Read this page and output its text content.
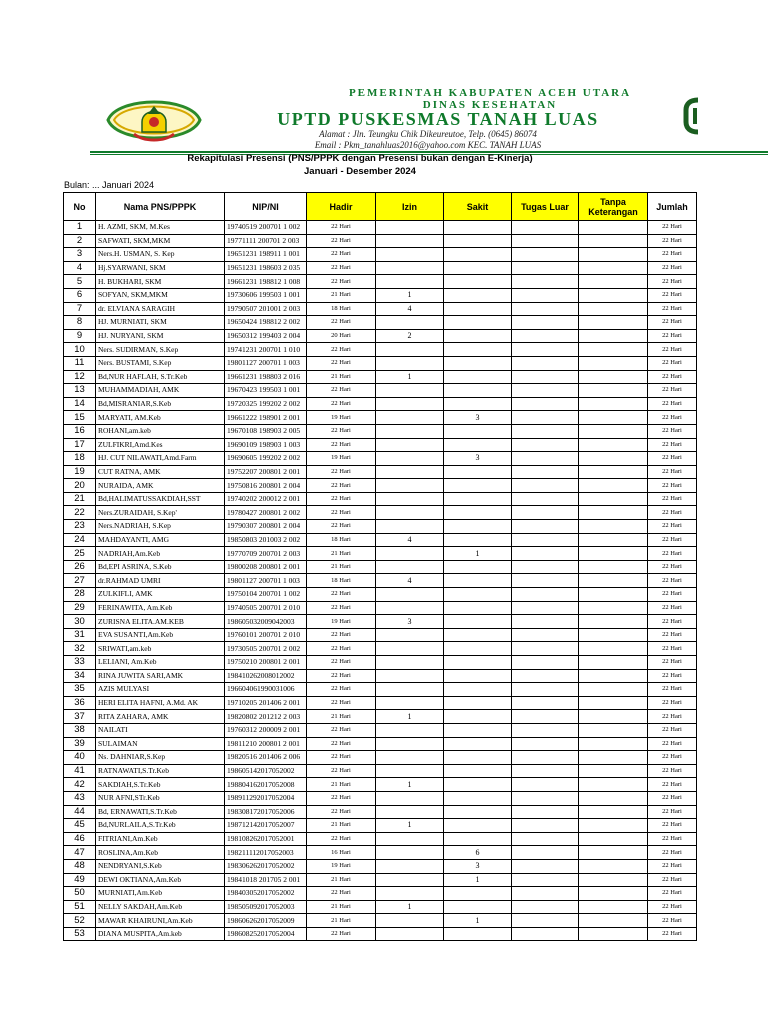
PEMERINTAH KABUPATEN ACEH UTARA
DINAS KESEHATAN
UPTD PUSKESMAS TANAH LUAS
Alamat : Jln. Teungku Chik Dikeureutoe, Telp. (0645) 86074
Email : Pkm_tanahluas2016@yahoo.com KEC. TANAH LUAS
Rekapitulasi Presensi (PNS/PPPK dengan Presensi bukan dengan E-Kinerja)
Januari - Desember 2024
Bulan: ... Januari 2024
No	Nama PNS/PPPK	NIP/NI	Hadir	Izin	Sakit	Tugas Luar	Tanpa Keterangan	Jumlah
1	H. AZMI, SKM, M.Kes	19740519 200701 1 002	22 Hari					22 Hari
2	SAFWATI, SKM,MKM	19771111 200701 2 003	22 Hari					22 Hari
3	Ners.H. USMAN, S. Kep	19651231 198911 1 001	22 Hari					22 Hari
4	Hj.SYARWANI, SKM	19651231 198603 2 035	22 Hari					22 Hari
5	H. BUKHARI, SKM	19661231 198812 1 008	22 Hari					22 Hari
6	SOFYAN, SKM,MKM	19730606 199503 1 001	21 Hari	1				22 Hari
7	dr. ELVIANA SARAGIH	19790507 201001 2 003	18 Hari	4				22 Hari
8	HJ. MURNIATI, SKM	19650424 198812 2 002	22 Hari					22 Hari
9	HJ. NURYANI, SKM	19650312 199403 2 004	20 Hari	2				22 Hari
10	Ners. SUDIRMAN, S.Kep	19741231 200701 1 010	22 Hari					22 Hari
11	Ners. BUSTAMI, S.Kep	19801127 200701 1 003	22 Hari					22 Hari
12	Bd,NUR HAFLAH, S.Tr.Keb	19661231 198803 2 016	21 Hari	1				22 Hari
13	MUHAMMADIAH, AMK	19670423 199503 1 001	22 Hari					22 Hari
14	Bd,MISRANIAR,S.Keb	19720325 199202 2 002	22 Hari					22 Hari
15	MARYATI, AM.Keb	19661222 198901 2 001	19 Hari		3			22 Hari
16	ROHANI,am.keb	19670108 198903 2 005	22 Hari					22 Hari
17	ZULFIKRI,Amd.Kes	19690109 198903 1 003	22 Hari					22 Hari
18	HJ. CUT NILAWATI,Amd.Farm	19690605 199202 2 002	19 Hari		3			22 Hari
19	CUT RATNA, AMK	19752207 200801 2 001	22 Hari					22 Hari
20	NURAIDA, AMK	19750816 200801 2 004	22 Hari					22 Hari
21	Bd,HALIMATUSSAKDIAH,SST	19740202 200012 2 001	22 Hari					22 Hari
22	Ners.ZURAIDAH, S.Kep'	19780427 200801 2 002	22 Hari					22 Hari
23	Ners.NADRIAH, S.Kep	19790307 200801 2 004	22 Hari					22 Hari
24	MAHDAYANTI, AMG	19850803 201003 2 002	18 Hari	4				22 Hari
25	NADRIAH,Am.Keb	19770709 200701 2 003	21 Hari		1			22 Hari
26	Bd,EPI ASRINA, S.Keb	19800208 200801 2 001	21 Hari					22 Hari
27	dr.RAHMAD UMRI	19801127 200701 1 003	18 Hari	4				22 Hari
28	ZULKIFLI, AMK	19750104 200701 1 002	22 Hari					22 Hari
29	FERINAWITA, Am.Keb	19740505 200701 2 010	22 Hari					22 Hari
30	ZURISNA ELITA.AM.KEB	198605032009042003	19 Hari	3				22 Hari
31	EVA SUSANTI,Am.Keb	19760101 200701 2 010	22 Hari					22 Hari
32	SRIWATI,am.keb	19730505 200701 2 002	22 Hari					22 Hari
33	LELIANI, Am.Keb	19750210 200801 2 001	22 Hari					22 Hari
34	RINA JUWITA SARI,AMK	198410262008012002	22 Hari					22 Hari
35	AZIS MULYASI	196604061990031006	22 Hari					22 Hari
36	HERI ELITA HAFNI, A.Md. AK	19710205 201406 2 001	22 Hari					22 Hari
37	RITA ZAHARA, AMK	19820802 201212 2 003	21 Hari	1				22 Hari
38	NAILATI	19760312 200009 2 001	22 Hari					22 Hari
39	SULAIMAN	19811210 200801 2 001	22 Hari					22 Hari
40	Ns. DAHNIAR,S.Kep	19820516 201406 2 006	22 Hari					22 Hari
41	RATNAWATI,S.Tr.Keb	198605142017052002	22 Hari					22 Hari
42	SAKDIAH,S.Tr.Keb	198804162017052008	21 Hari	1				22 Hari
43	NUR AFNI,STr.Keb	198911292017052004	22 Hari					22 Hari
44	Bd, ERNAWATI,S.Tr.Keb	198308172017052006	22 Hari					22 Hari
45	Bd,NURLAILA,S.Tr.Keb	198712142017052007	21 Hari	1				22 Hari
46	FITRIANI,Am.Keb	198108262017052001	22 Hari					22 Hari
47	ROSLINA,Am.Keb	198211112017052003	16 Hari		6			22 Hari
48	NENDRYANI,S.Keb	198306262017052002	19 Hari		3			22 Hari
49	DEWI OKTIANA,Am.Keb	19841018 201705 2 001	21 Hari		1			22 Hari
50	MURNIATI,Am.Keb	198403052017052002	22 Hari					22 Hari
51	NELLY SAKDAH,Am.Keb	198505092017052003	21 Hari	1				22 Hari
52	MAWAR KHAIRUNI,Am.Keb	198606262017052009	21 Hari		1			22 Hari
53	DIANA MUSPITA,Am.keb	198608252017052004	22 Hari					22 Hari
